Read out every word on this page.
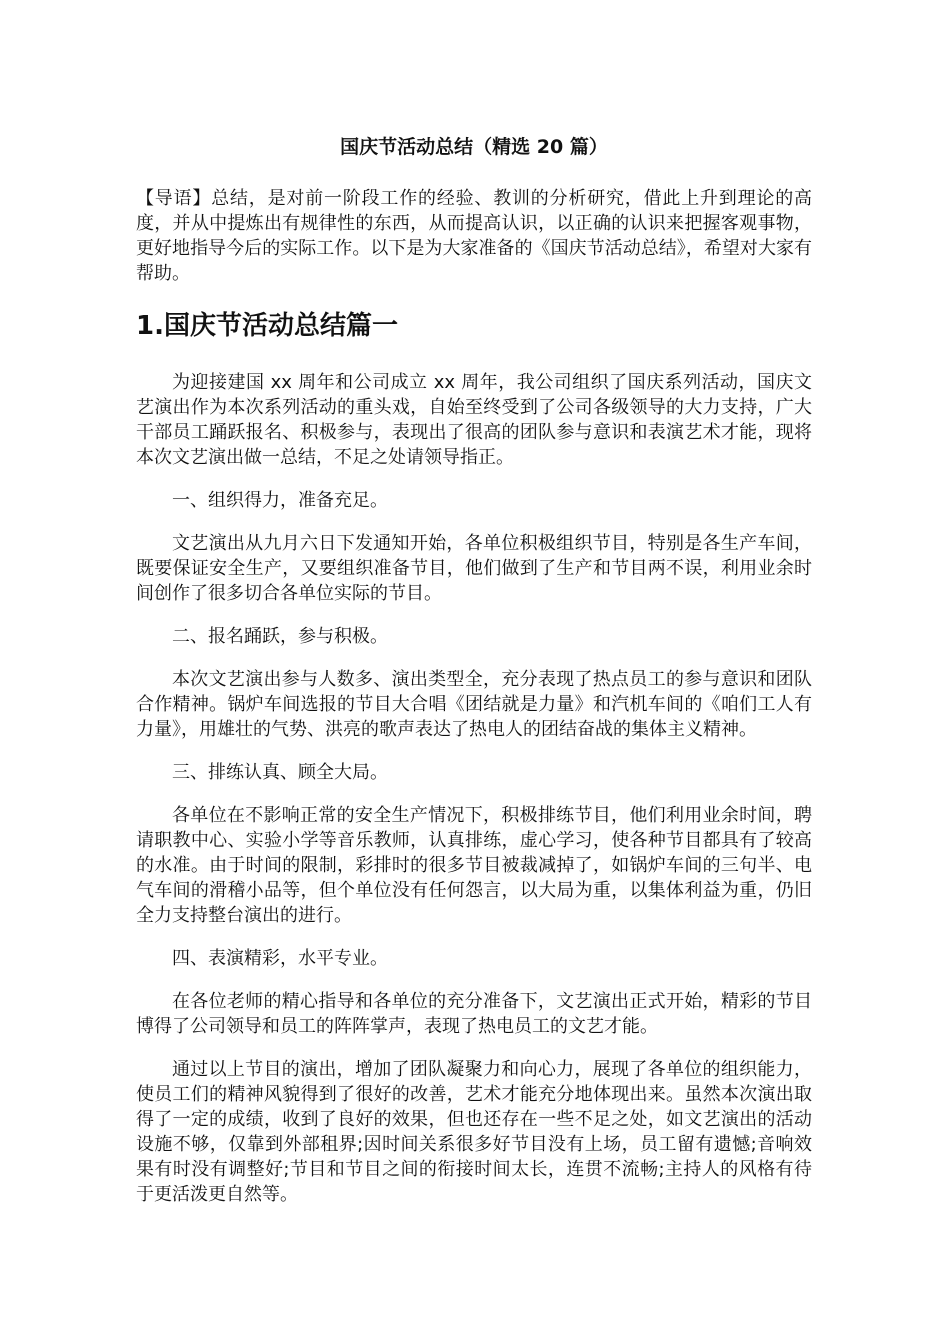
国庆节活动总结（精选 20 篇）

【导语】总结，是对前一阶段工作的经验、教训的分析研究，借此上升到理论的高度，并从中提炼出有规律性的东西，从而提高认识，以正确的认识来把握客观事物，更好地指导今后的实际工作。以下是为大家准备的《国庆节活动总结》，希望对大家有帮助。

1.国庆节活动总结篇一

为迎接建国 xx 周年和公司成立 xx 周年，我公司组织了国庆系列活动，国庆文艺演出作为本次系列活动的重头戏，自始至终受到了公司各级领导的大力支持，广大干部员工踊跃报名、积极参与，表现出了很高的团队参与意识和表演艺术才能，现将本次文艺演出做一总结，不足之处请领导指正。

一、组织得力，准备充足。

文艺演出从九月六日下发通知开始，各单位积极组织节目，特别是各生产车间，既要保证安全生产，又要组织准备节目，他们做到了生产和节目两不误，利用业余时间创作了很多切合各单位实际的节目。

二、报名踊跃，参与积极。

本次文艺演出参与人数多、演出类型全，充分表现了热点员工的参与意识和团队合作精神。锅炉车间选报的节目大合唱《团结就是力量》和汽机车间的《咱们工人有力量》，用雄壮的气势、洪亮的歌声表达了热电人的团结奋战的集体主义精神。

三、排练认真、顾全大局。

各单位在不影响正常的安全生产情况下，积极排练节目，他们利用业余时间，聘请职教中心、实验小学等音乐教师，认真排练，虚心学习，使各种节目都具有了较高的水准。由于时间的限制，彩排时的很多节目被裁减掉了，如锅炉车间的三句半、电气车间的滑稽小品等，但个单位没有任何怨言，以大局为重，以集体利益为重，仍旧全力支持整台演出的进行。

四、表演精彩，水平专业。

在各位老师的精心指导和各单位的充分准备下，文艺演出正式开始，精彩的节目博得了公司领导和员工的阵阵掌声，表现了热电员工的文艺才能。

通过以上节目的演出，增加了团队凝聚力和向心力，展现了各单位的组织能力，使员工们的精神风貌得到了很好的改善，艺术才能充分地体现出来。虽然本次演出取得了一定的成绩，收到了良好的效果，但也还存在一些不足之处，如文艺演出的活动设施不够，仅靠到外部租界;因时间关系很多好节目没有上场，员工留有遗憾;音响效果有时没有调整好;节目和节目之间的衔接时间太长，连贯不流畅;主持人的风格有待于更活泼更自然等。
